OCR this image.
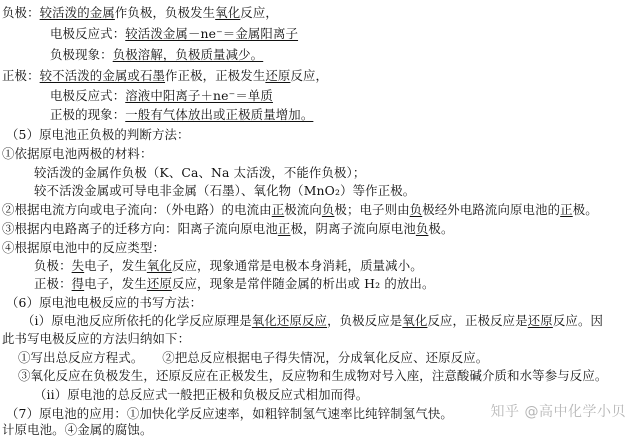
负极：较活泼的金属作负极，负极发生氧化反应，
电极反应式：较活泼金属－ne⁻＝金属阳离子
负极现象：负极溶解，负极质量减少。
正极：较不活泼的金属或石墨作正极，正极发生还原反应，
电极反应式：溶液中阳离子＋ne⁻＝单质
正极的现象：一般有气体放出或正极质量增加。
（5）原电池正负极的判断方法：
①依据原电池两极的材料：
较活泼的金属作负极（K、Ca、Na 太活泼，不能作负极）；
较不活泼金属或可导电非金属（石墨）、氧化物（MnO₂）等作正极。
②根据电流方向或电子流向：（外电路）的电流由正极流向负极；电子则由负极经外电路流向原电池的正极。
③根据内电路离子的迁移方向：阳离子流向原电池正极，阴离子流向原电池负极。
④根据原电池中的反应类型：
负极：失电子，发生氧化反应，现象通常是电极本身消耗，质量减小。
正极：得电子，发生还原反应，现象是常伴随金属的析出或 H₂ 的放出。
（6）原电池电极反应的书写方法：
（i）原电池反应所依托的化学反应原理是氧化还原反应，负极反应是氧化反应，正极反应是还原反应。因
此书写电极反应的方法归纳如下：
①写出总反应方程式。　　②把总反应根据电子得失情况，分成氧化反应、还原反应。
③氧化反应在负极发生，还原反应在正极发生，反应物和生成物对号入座，注意酸碱介质和水等参与反应。
（ii）原电池的总反应式一般把正极和负极反应式相加而得。
（7）原电池的应用：①加快化学反应速率，如粗锌制氢气速率比纯锌制氢气快。
计原电池。④金属的腐蚀。
知乎 @高中化学小贝
